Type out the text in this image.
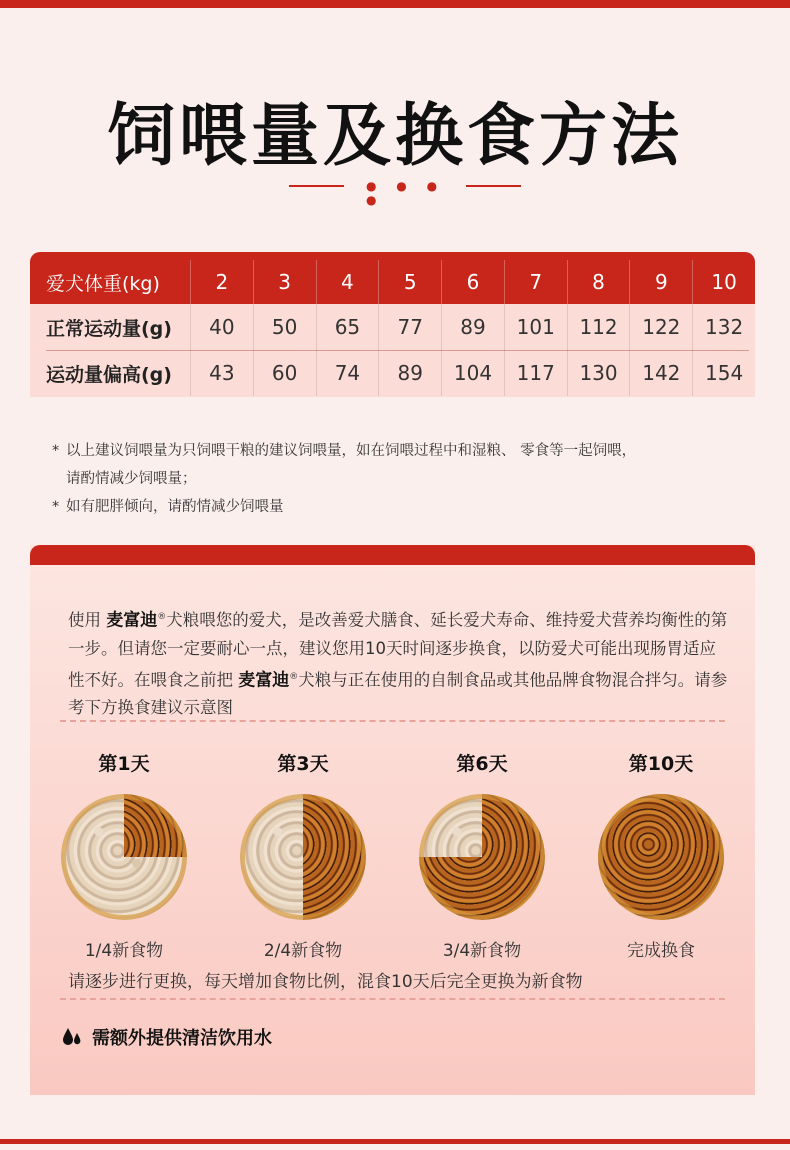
饲喂量及换食方法
● ● ● ●
爱犬体重(kg)	2	3	4	5	6	7	8	9	10
正常运动量(g)	40	50	65	77	89	101	112	122	132
运动量偏高(g)	43	60	74	89	104	117	130	142	154
* 以上建议饲喂量为只饲喂干粮的建议饲喂量，如在饲喂过程中和湿粮、 零食等一起饲喂，
请酌情减少饲喂量；
* 如有肥胖倾向，请酌情减少饲喂量

使用 麦富迪®犬粮喂您的爱犬，是改善爱犬膳食、延长爱犬寿命、维持爱犬营养均衡性的第一步。但请您一定要耐心一点，建议您用10天时间逐步换食，以防爱犬可能出现肠胃适应性不好。在喂食之前把 麦富迪®犬粮与正在使用的自制食品或其他品牌食物混合拌匀。请参考下方换食建议示意图

第1天
1/4新食物
第3天
2/4新食物
第6天
3/4新食物
第10天
完成换食
请逐步进行更换，每天增加食物比例，混食10天后完全更换为新食物
需额外提供清洁饮用水
